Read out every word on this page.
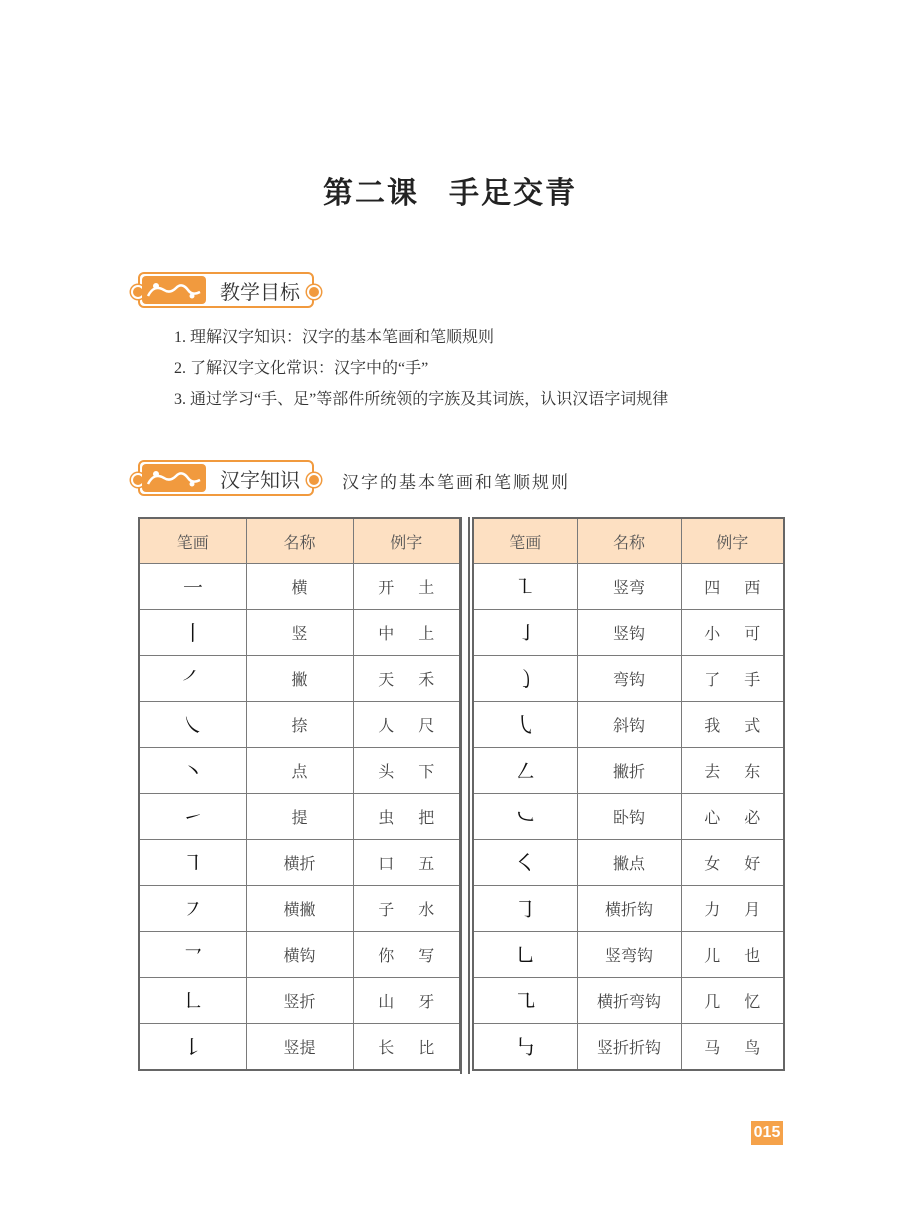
第二课 手足交青
教学目标
1. 理解汉字知识：汉字的基本笔画和笔顺规则
2. 了解汉字文化常识：汉字中的“手”
3. 通过学习“手、足”等部件所统领的字族及其词族，认识汉语字词规律
汉字知识 汉字的基本笔画和笔顺规则
笔画	名称	例字
㇐	横	开 土
㇑	竖	中 上
㇒	撇	天 禾
㇏	捺	人 尺
㇔	点	头 下
㇀	提	虫 把
㇕	横折	口 五
㇇	横撇	子 水
㇖	横钩	你 写
㇗	竖折	山 牙
㇙	竖提	长 比
笔画	名称	例字
㇅	竖弯	四 西
㇚	竖钩	小 可
㇁	弯钩	了 手
㇂	斜钩	我 式
㇜	撇折	去 东
㇃	卧钩	心 必
㇛	撇点	女 好
㇆	横折钩	力 月
㇟	竖弯钩	儿 也
㇈	横折弯钩	几 忆
㇉	竖折折钩	马 鸟
015
